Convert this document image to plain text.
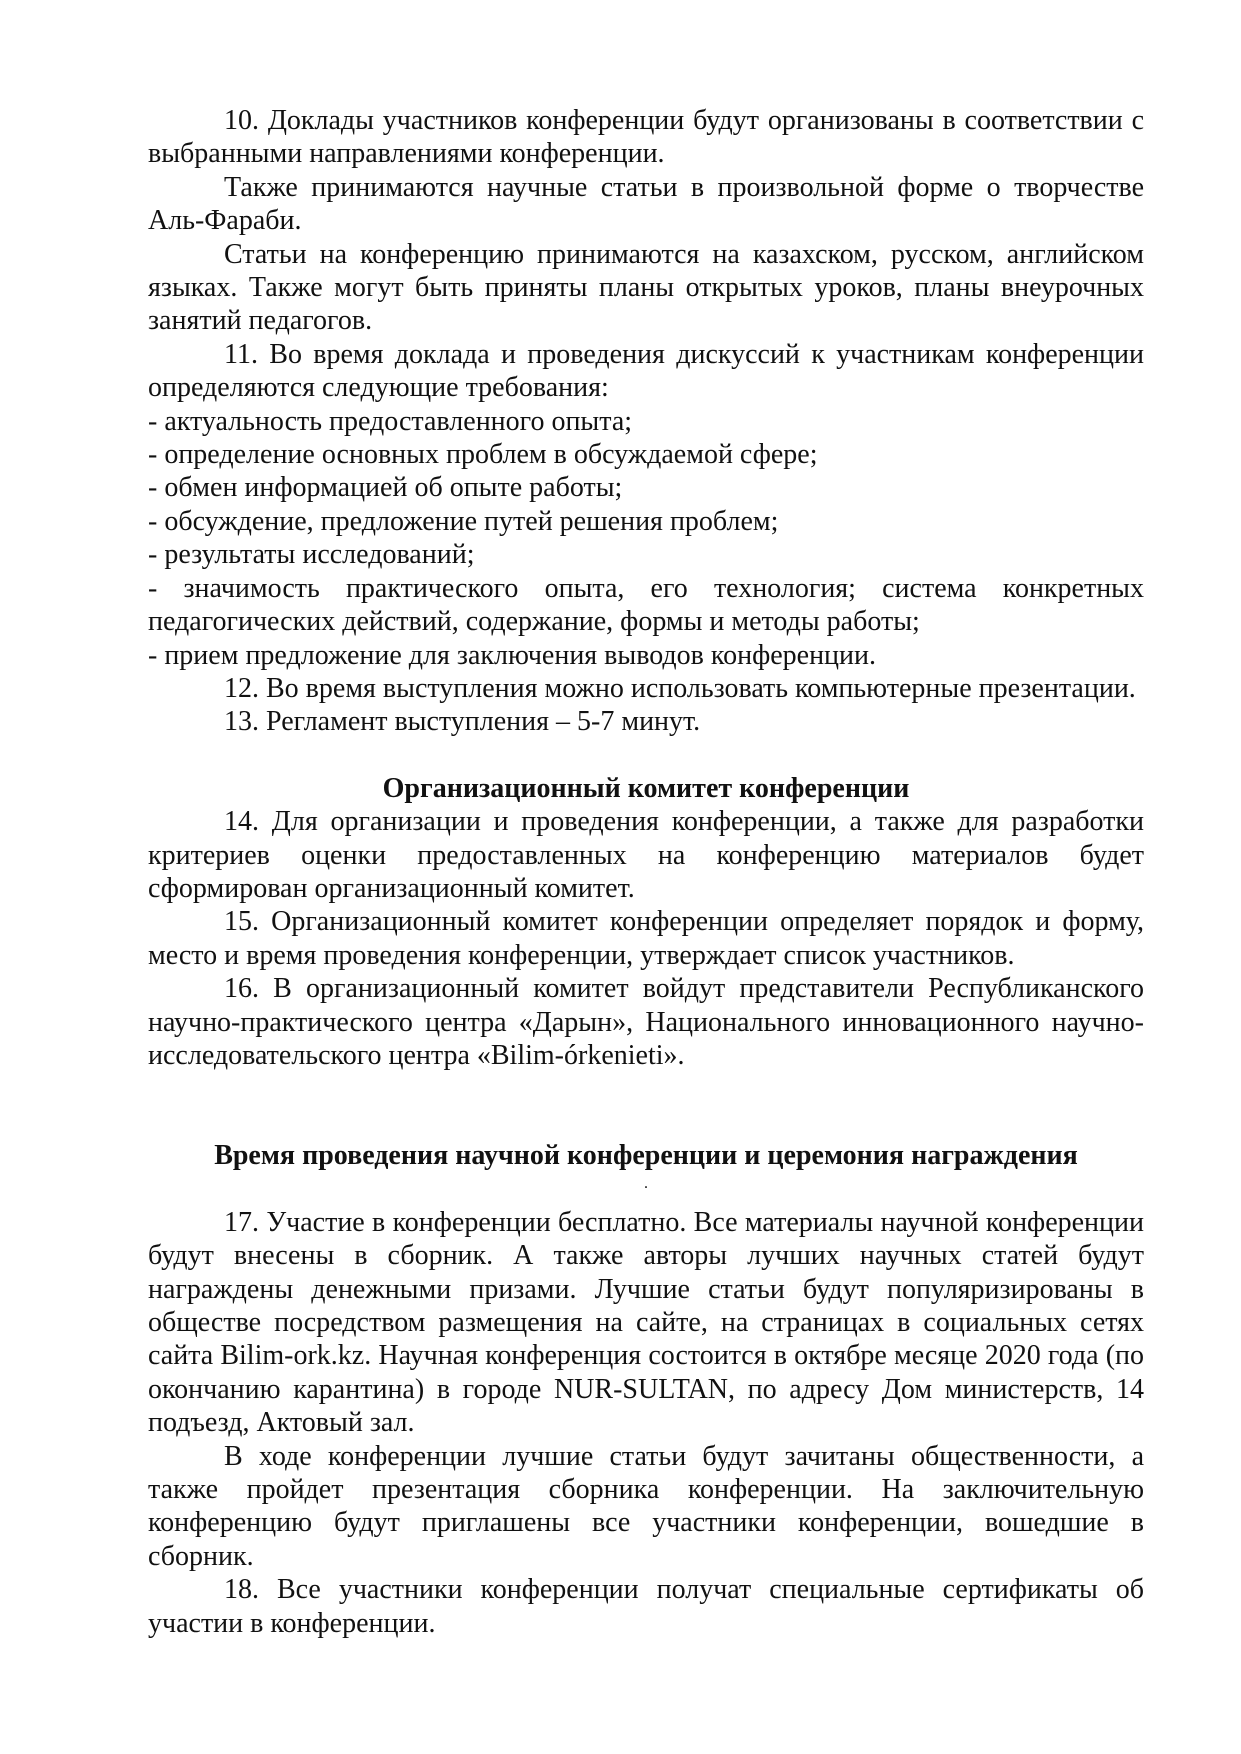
10. Доклады участников конференции будут организованы в соответствии с выбранными направлениями конференции.

Также принимаются научные статьи в произвольной форме о творчестве Аль-Фараби.

Статьи на конференцию принимаются на казахском, русском, английском языках. Также могут быть приняты планы открытых уроков, планы внеурочных занятий педагогов.

11. Во время доклада и проведения дискуссий к участникам конференции определяются следующие требования:

- актуальность предоставленного опыта;

- определение основных проблем в обсуждаемой сфере;

- обмен информацией об опыте работы;

- обсуждение, предложение путей решения проблем;

- результаты исследований;

- значимость практического опыта, его технология; система конкретных педагогических действий, содержание, формы и методы работы;

- прием предложение для заключения выводов конференции.

12. Во время выступления можно использовать компьютерные презентации.

13. Регламент выступления – 5-7 минут.

Организационный комитет конференции

14. Для организации и проведения конференции, а также для разработки критериев оценки предоставленных на конференцию материалов будет сформирован организационный комитет.

15. Организационный комитет конференции определяет порядок и форму, место и время проведения конференции, утверждает список участников.

16. В организационный комитет войдут представители Республиканского научно-практического центра «Дарын», Национального инновационного научно-исследовательского центра «Bilim-órkenieti».

Время проведения научной конференции и церемония награждения

.

17. Участие в конференции бесплатно. Все материалы научной конференции будут внесены в сборник. А также авторы лучших научных статей будут награждены денежными призами. Лучшие статьи будут популяризированы в обществе посредством размещения на сайте, на страницах в социальных сетях сайта Bilim-ork.kz. Научная конференция состоится в октябре месяце 2020 года (по окончанию карантина) в городе NUR-SULTAN, по адресу Дом министерств, 14 подъезд, Актовый зал.

В ходе конференции лучшие статьи будут зачитаны общественности, а также пройдет презентация сборника конференции. На заключительную конференцию будут приглашены все участники конференции, вошедшие в сборник.

18. Все участники конференции получат специальные сертификаты об участии в конференции.
